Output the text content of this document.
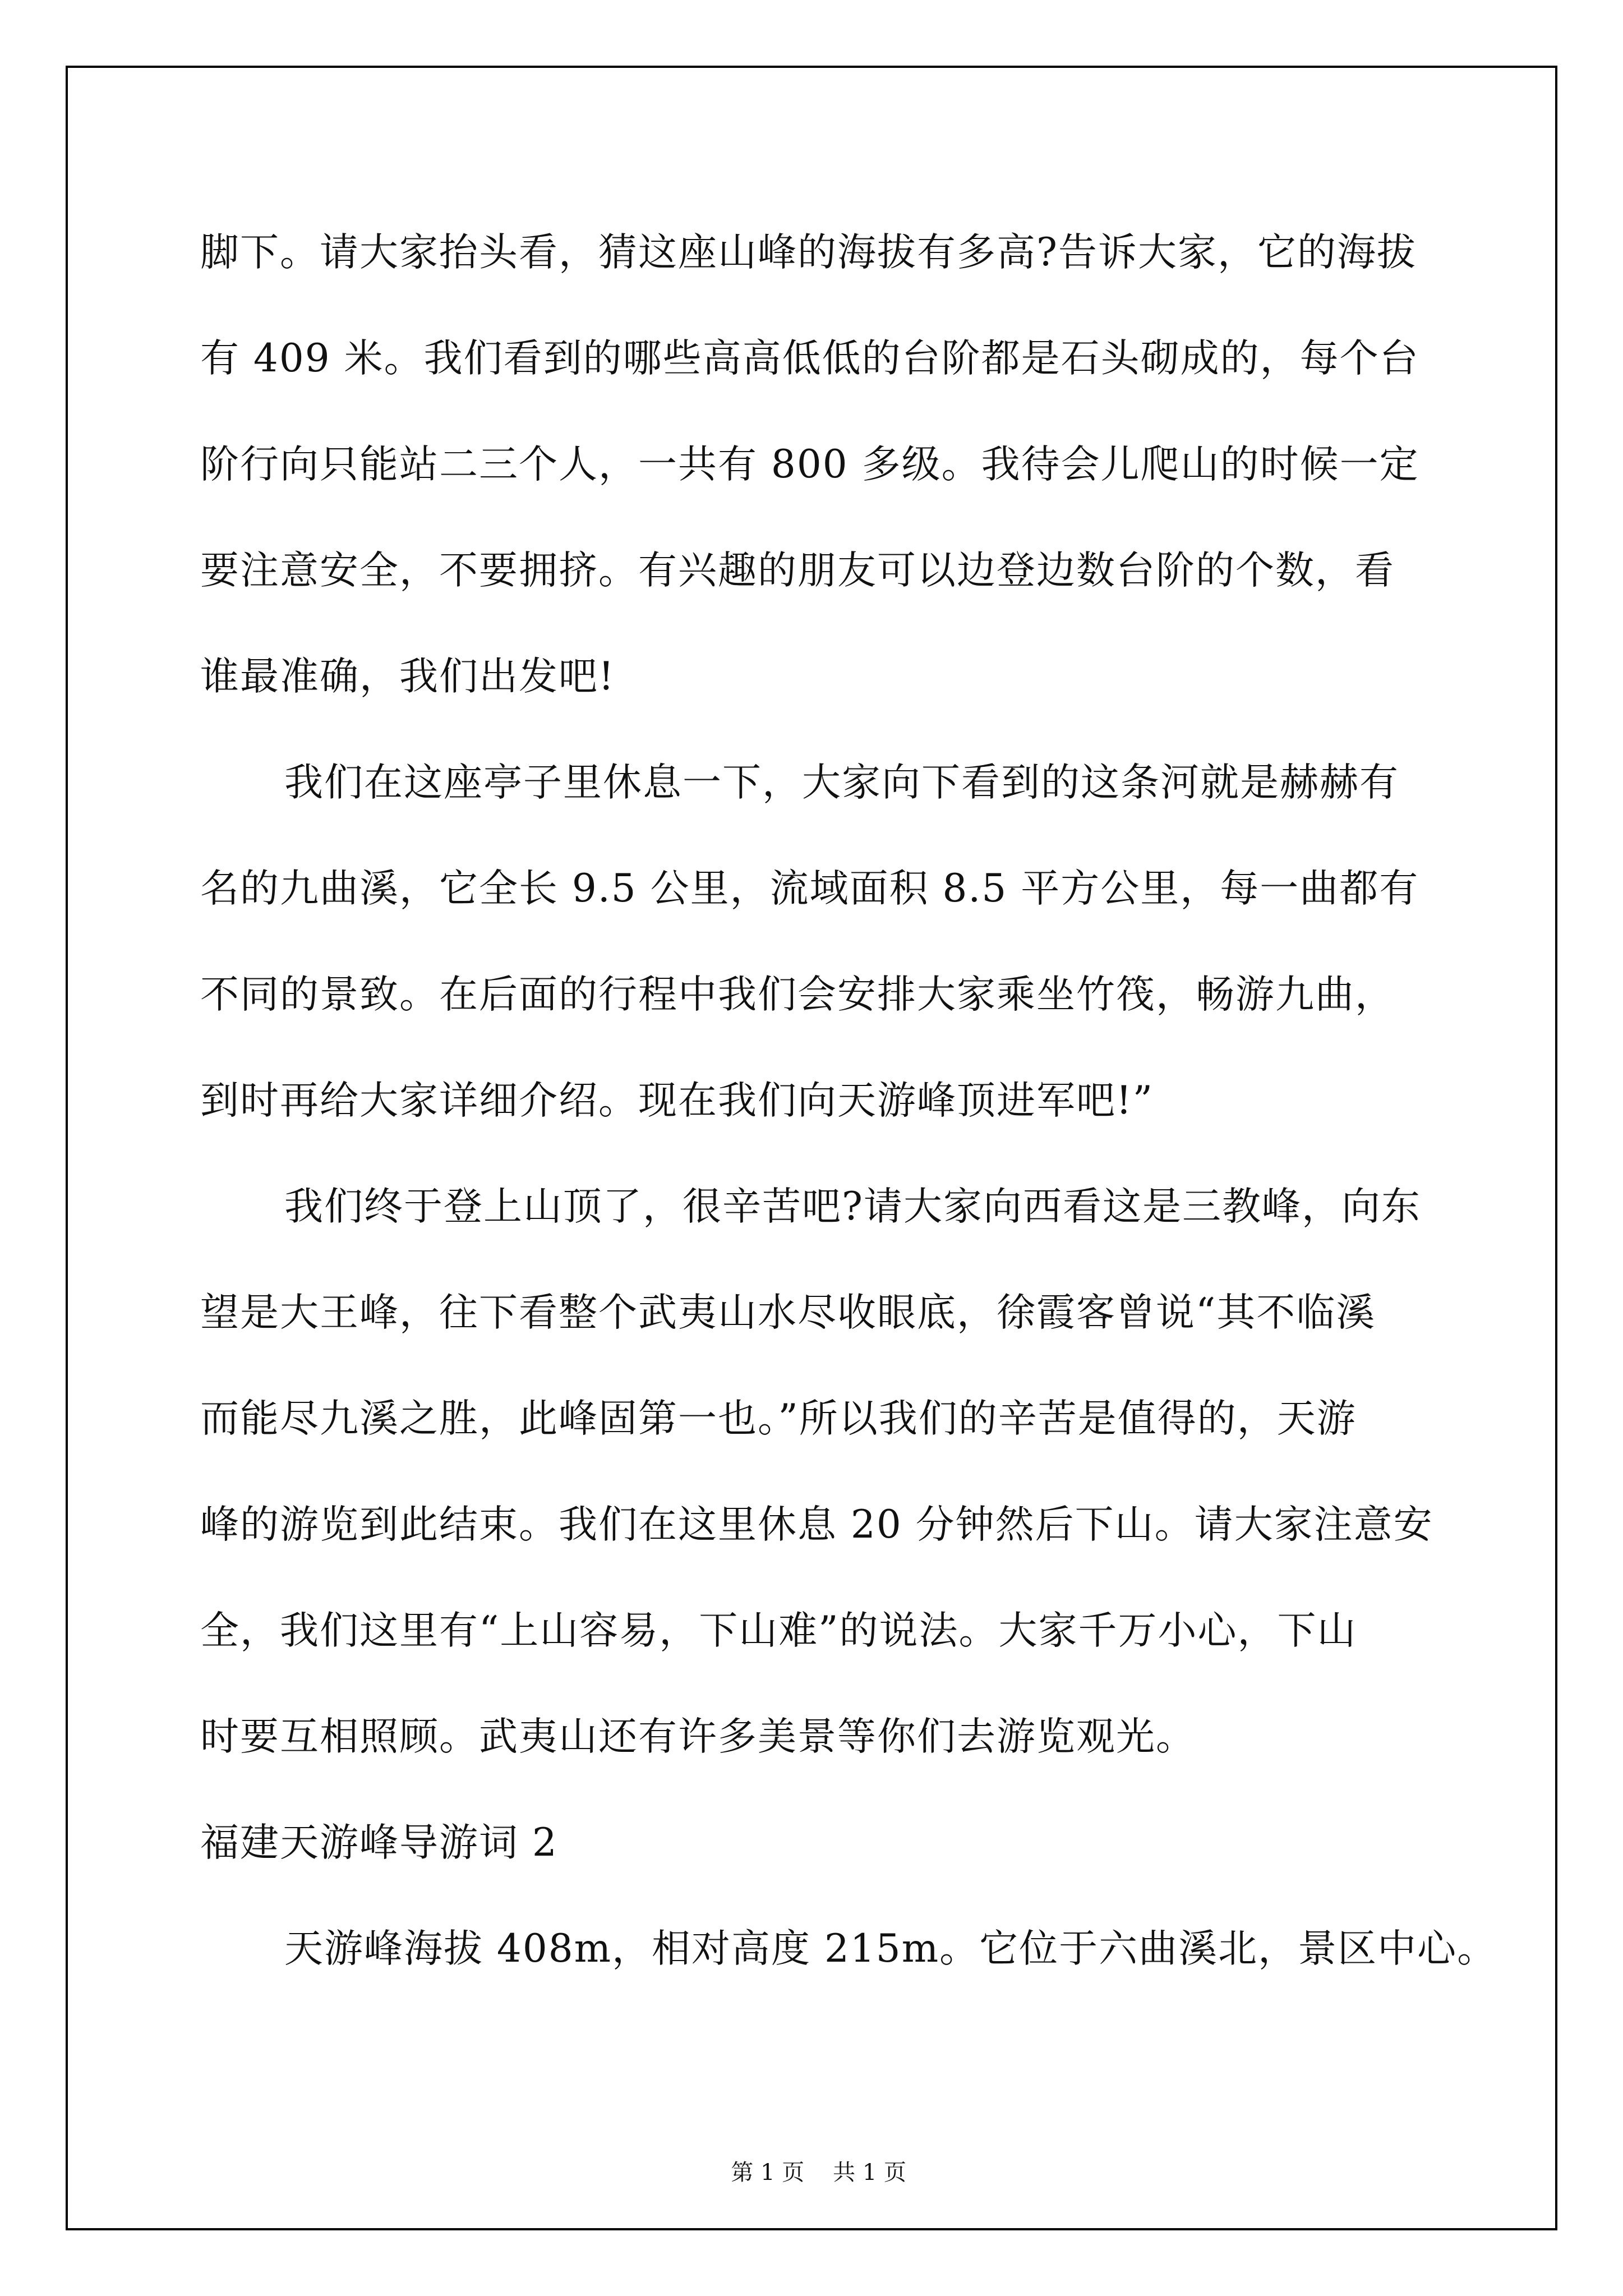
脚下。请大家抬头看，猜这座山峰的海拔有多高?告诉大家，它的海拔
有 409 米。我们看到的哪些高高低低的台阶都是石头砌成的，每个台
阶行向只能站二三个人，一共有 800 多级。我待会儿爬山的时候一定
要注意安全，不要拥挤。有兴趣的朋友可以边登边数台阶的个数，看
谁最准确，我们出发吧!
我们在这座亭子里休息一下，大家向下看到的这条河就是赫赫有
名的九曲溪，它全长 9.5 公里，流域面积 8.5 平方公里，每一曲都有
不同的景致。在后面的行程中我们会安排大家乘坐竹筏，畅游九曲，
到时再给大家详细介绍。现在我们向天游峰顶进军吧!”
我们终于登上山顶了，很辛苦吧?请大家向西看这是三教峰，向东
望是大王峰，往下看整个武夷山水尽收眼底，徐霞客曾说“其不临溪
而能尽九溪之胜，此峰固第一也。”所以我们的辛苦是值得的，天游
峰的游览到此结束。我们在这里休息 20 分钟然后下山。请大家注意安
全，我们这里有“上山容易，下山难”的说法。大家千万小心，下山
时要互相照顾。武夷山还有许多美景等你们去游览观光。
福建天游峰导游词 2
天游峰海拔 408m，相对高度 215m。它位于六曲溪北，景区中心。

第 1 页    共 1 页
